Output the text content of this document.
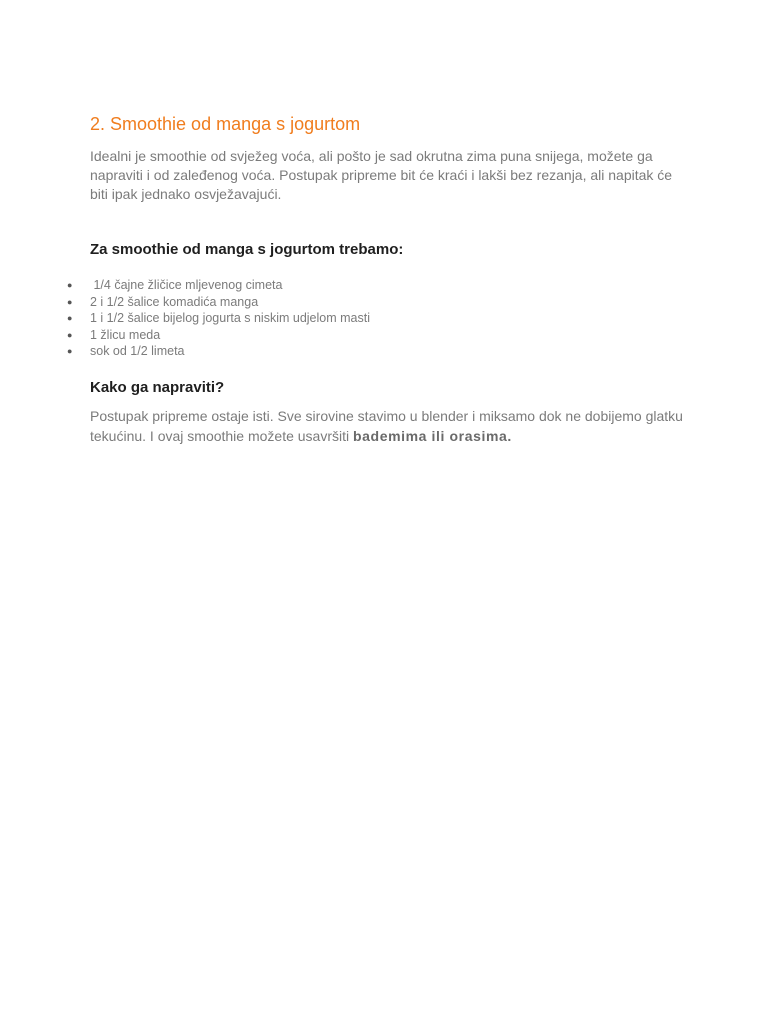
2. Smoothie od manga s jogurtom

Idealni je smoothie od svježeg voća, ali pošto je sad okrutna zima puna snijega, možete ga napraviti i od zaleđenog voća. Postupak pripreme bit će kraći i lakši bez rezanja, ali napitak će biti ipak jednako osvježavajući.

Za smoothie od manga s jogurtom trebamo:
● 1/4 čajne žličice mljevenog cimeta
● 2 i 1/2 šalice komadića manga
● 1 i 1/2 šalice bijelog jogurta s niskim udjelom masti
● 1 žlicu meda
● sok od 1/2 limeta
Kako ga napraviti?

Postupak pripreme ostaje isti. Sve sirovine stavimo u blender i miksamo dok ne dobijemo glatku tekućinu. I ovaj smoothie možete usavršiti bademima ili orasima.
